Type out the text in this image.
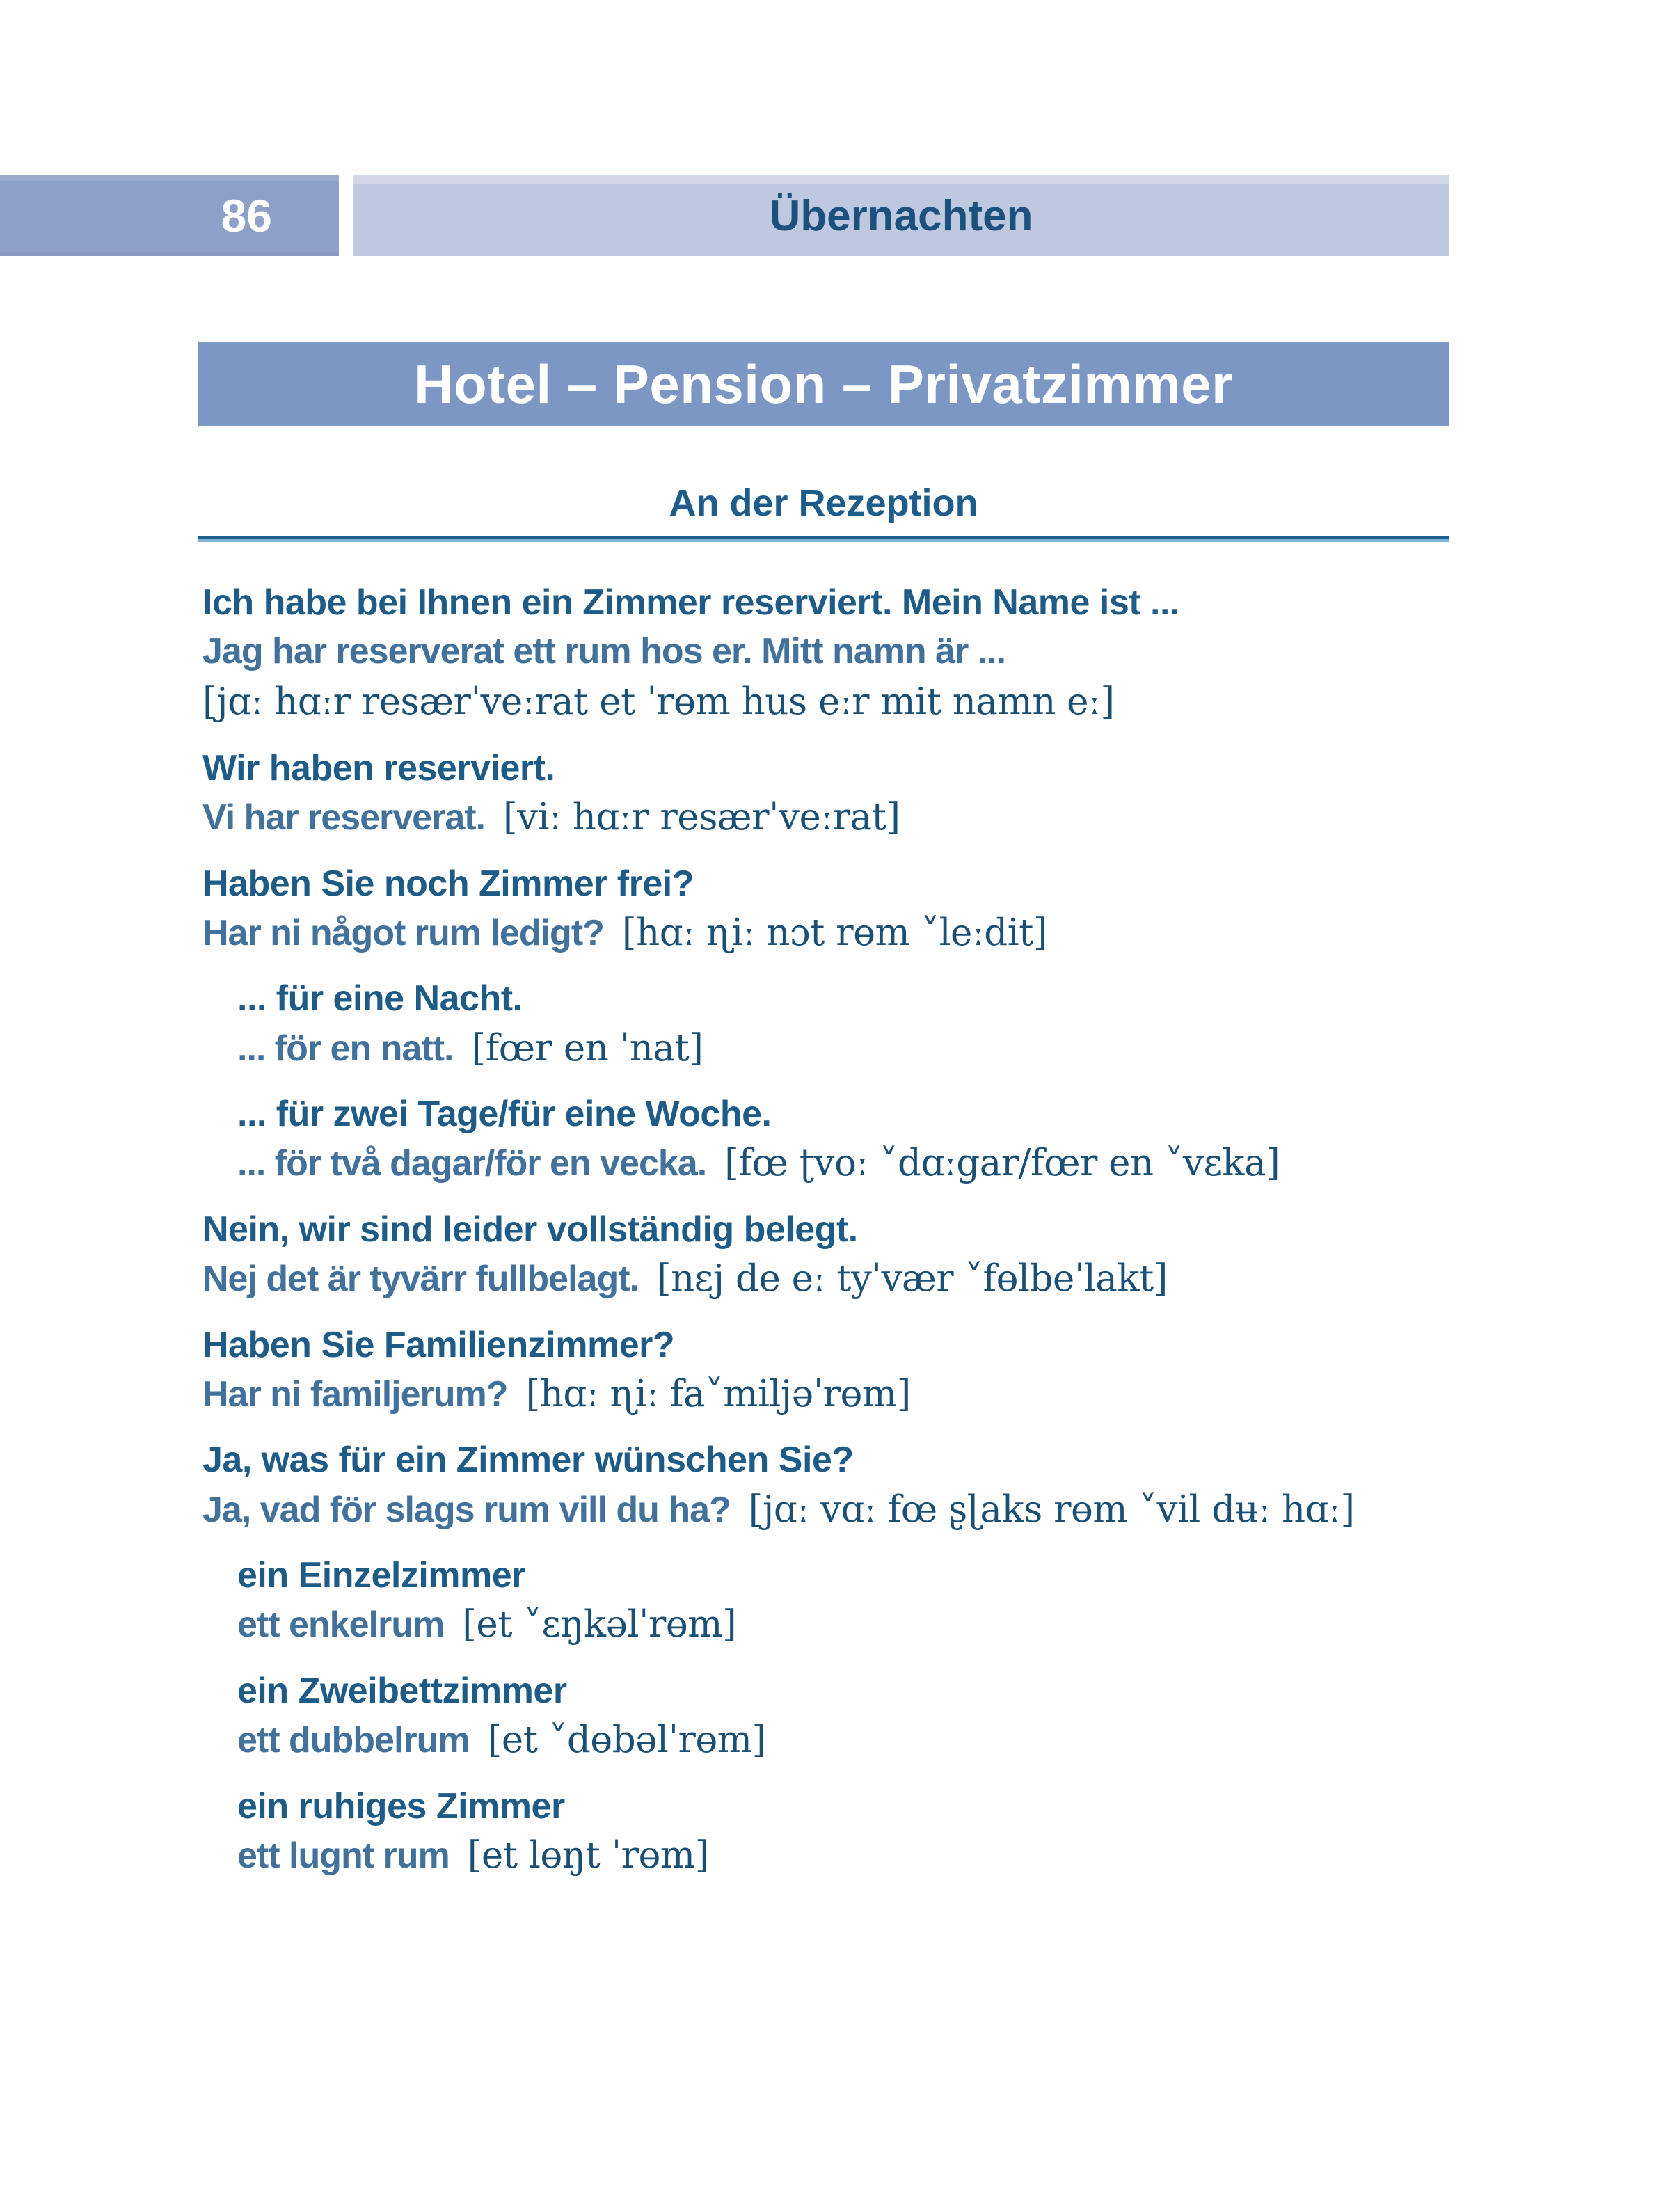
86	Übernachten
Hotel – Pension – Privatzimmer
An der Rezeption

Ich habe bei Ihnen ein Zimmer reserviert. Mein Name ist ...

Jag har reserverat ett rum hos er. Mitt namn är ...

[jɑː hɑːr resærˈveːrat et ˈrɵm hus eːr mit namn eː]

Wir haben reserviert.

Vi har reserverat. [viː hɑːr resærˈveːrat]

Haben Sie noch Zimmer frei?

Har ni något rum ledigt? [hɑː ɳiː nɔt rɵm ˅leːdit]

... für eine Nacht.

... för en natt. [fœr en ˈnat]

... für zwei Tage/für eine Woche.

... för två dagar/för en vecka. [fœ ʈvoː ˅dɑːgar/fœr en ˅vɛka]

Nein, wir sind leider vollständig belegt.

Nej det är tyvärr fullbelagt. [nɛj de eː tyˈvær ˅fɵlbeˈlakt]

Haben Sie Familienzimmer?

Har ni familjerum? [hɑː ɳiː fa˅miljəˈrɵm]

Ja, was für ein Zimmer wünschen Sie?

Ja, vad för slags rum vill du ha? [jɑː vɑː fœ ʂɭaks rɵm ˅vil dʉː hɑː]

ein Einzelzimmer

ett enkelrum [et ˅ɛŋkəlˈrɵm]

ein Zweibettzimmer

ett dubbelrum [et ˅dɵbəlˈrɵm]

ein ruhiges Zimmer

ett lugnt rum [et lɵŋt ˈrɵm]
